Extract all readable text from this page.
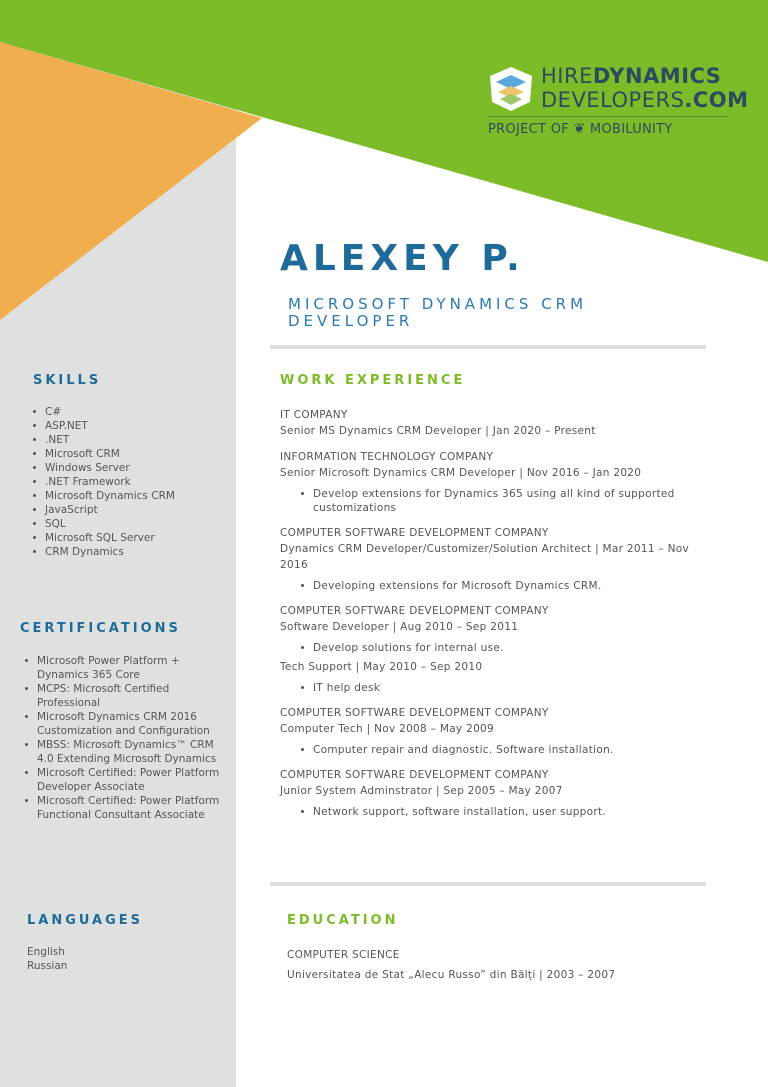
HIREDYNAMICS
DEVELOPERS.COM
PROJECT OF ❦ MOBILUNITY
ALEXEY P.
MICROSOFT DYNAMICS CRM DEVELOPER
SKILLS
C#
ASP.NET
.NET
Microsoft CRM
Windows Server
.NET Framework
Microsoft Dynamics CRM
JavaScript
SQL
Microsoft SQL Server
CRM Dynamics
CERTIFICATIONS
Microsoft Power Platform + Dynamics 365 Core
MCPS: Microsoft Certified Professional
Microsoft Dynamics CRM 2016 Customization and Configuration
MBSS: Microsoft Dynamics™ CRM 4.0 Extending Microsoft Dynamics
Microsoft Certified: Power Platform Developer Associate
Microsoft Certified: Power Platform Functional Consultant Associate
LANGUAGES
English
Russian
WORK EXPERIENCE
IT COMPANY
Senior MS Dynamics CRM Developer | Jan 2020 – Present
INFORMATION TECHNOLOGY COMPANY
Senior Microsoft Dynamics CRM Developer | Nov 2016 – Jan 2020
Develop extensions for Dynamics 365 using all kind of supported customizations
COMPUTER SOFTWARE DEVELOPMENT COMPANY
Dynamics CRM Developer/Customizer/Solution Architect | Mar 2011 – Nov 2016
Developing extensions for Microsoft Dynamics CRM.
COMPUTER SOFTWARE DEVELOPMENT COMPANY
Software Developer | Aug 2010 – Sep 2011
Develop solutions for internal use.
Tech Support | May 2010 – Sep 2010
IT help desk
COMPUTER SOFTWARE DEVELOPMENT COMPANY
Computer Tech | Nov 2008 – May 2009
Computer repair and diagnostic. Software installation.
COMPUTER SOFTWARE DEVELOPMENT COMPANY
Junior System Adminstrator | Sep 2005 – May 2007
Network support, software installation, user support.
EDUCATION
COMPUTER SCIENCE
Universitatea de Stat „Alecu Russo” din Bălți | 2003 – 2007
